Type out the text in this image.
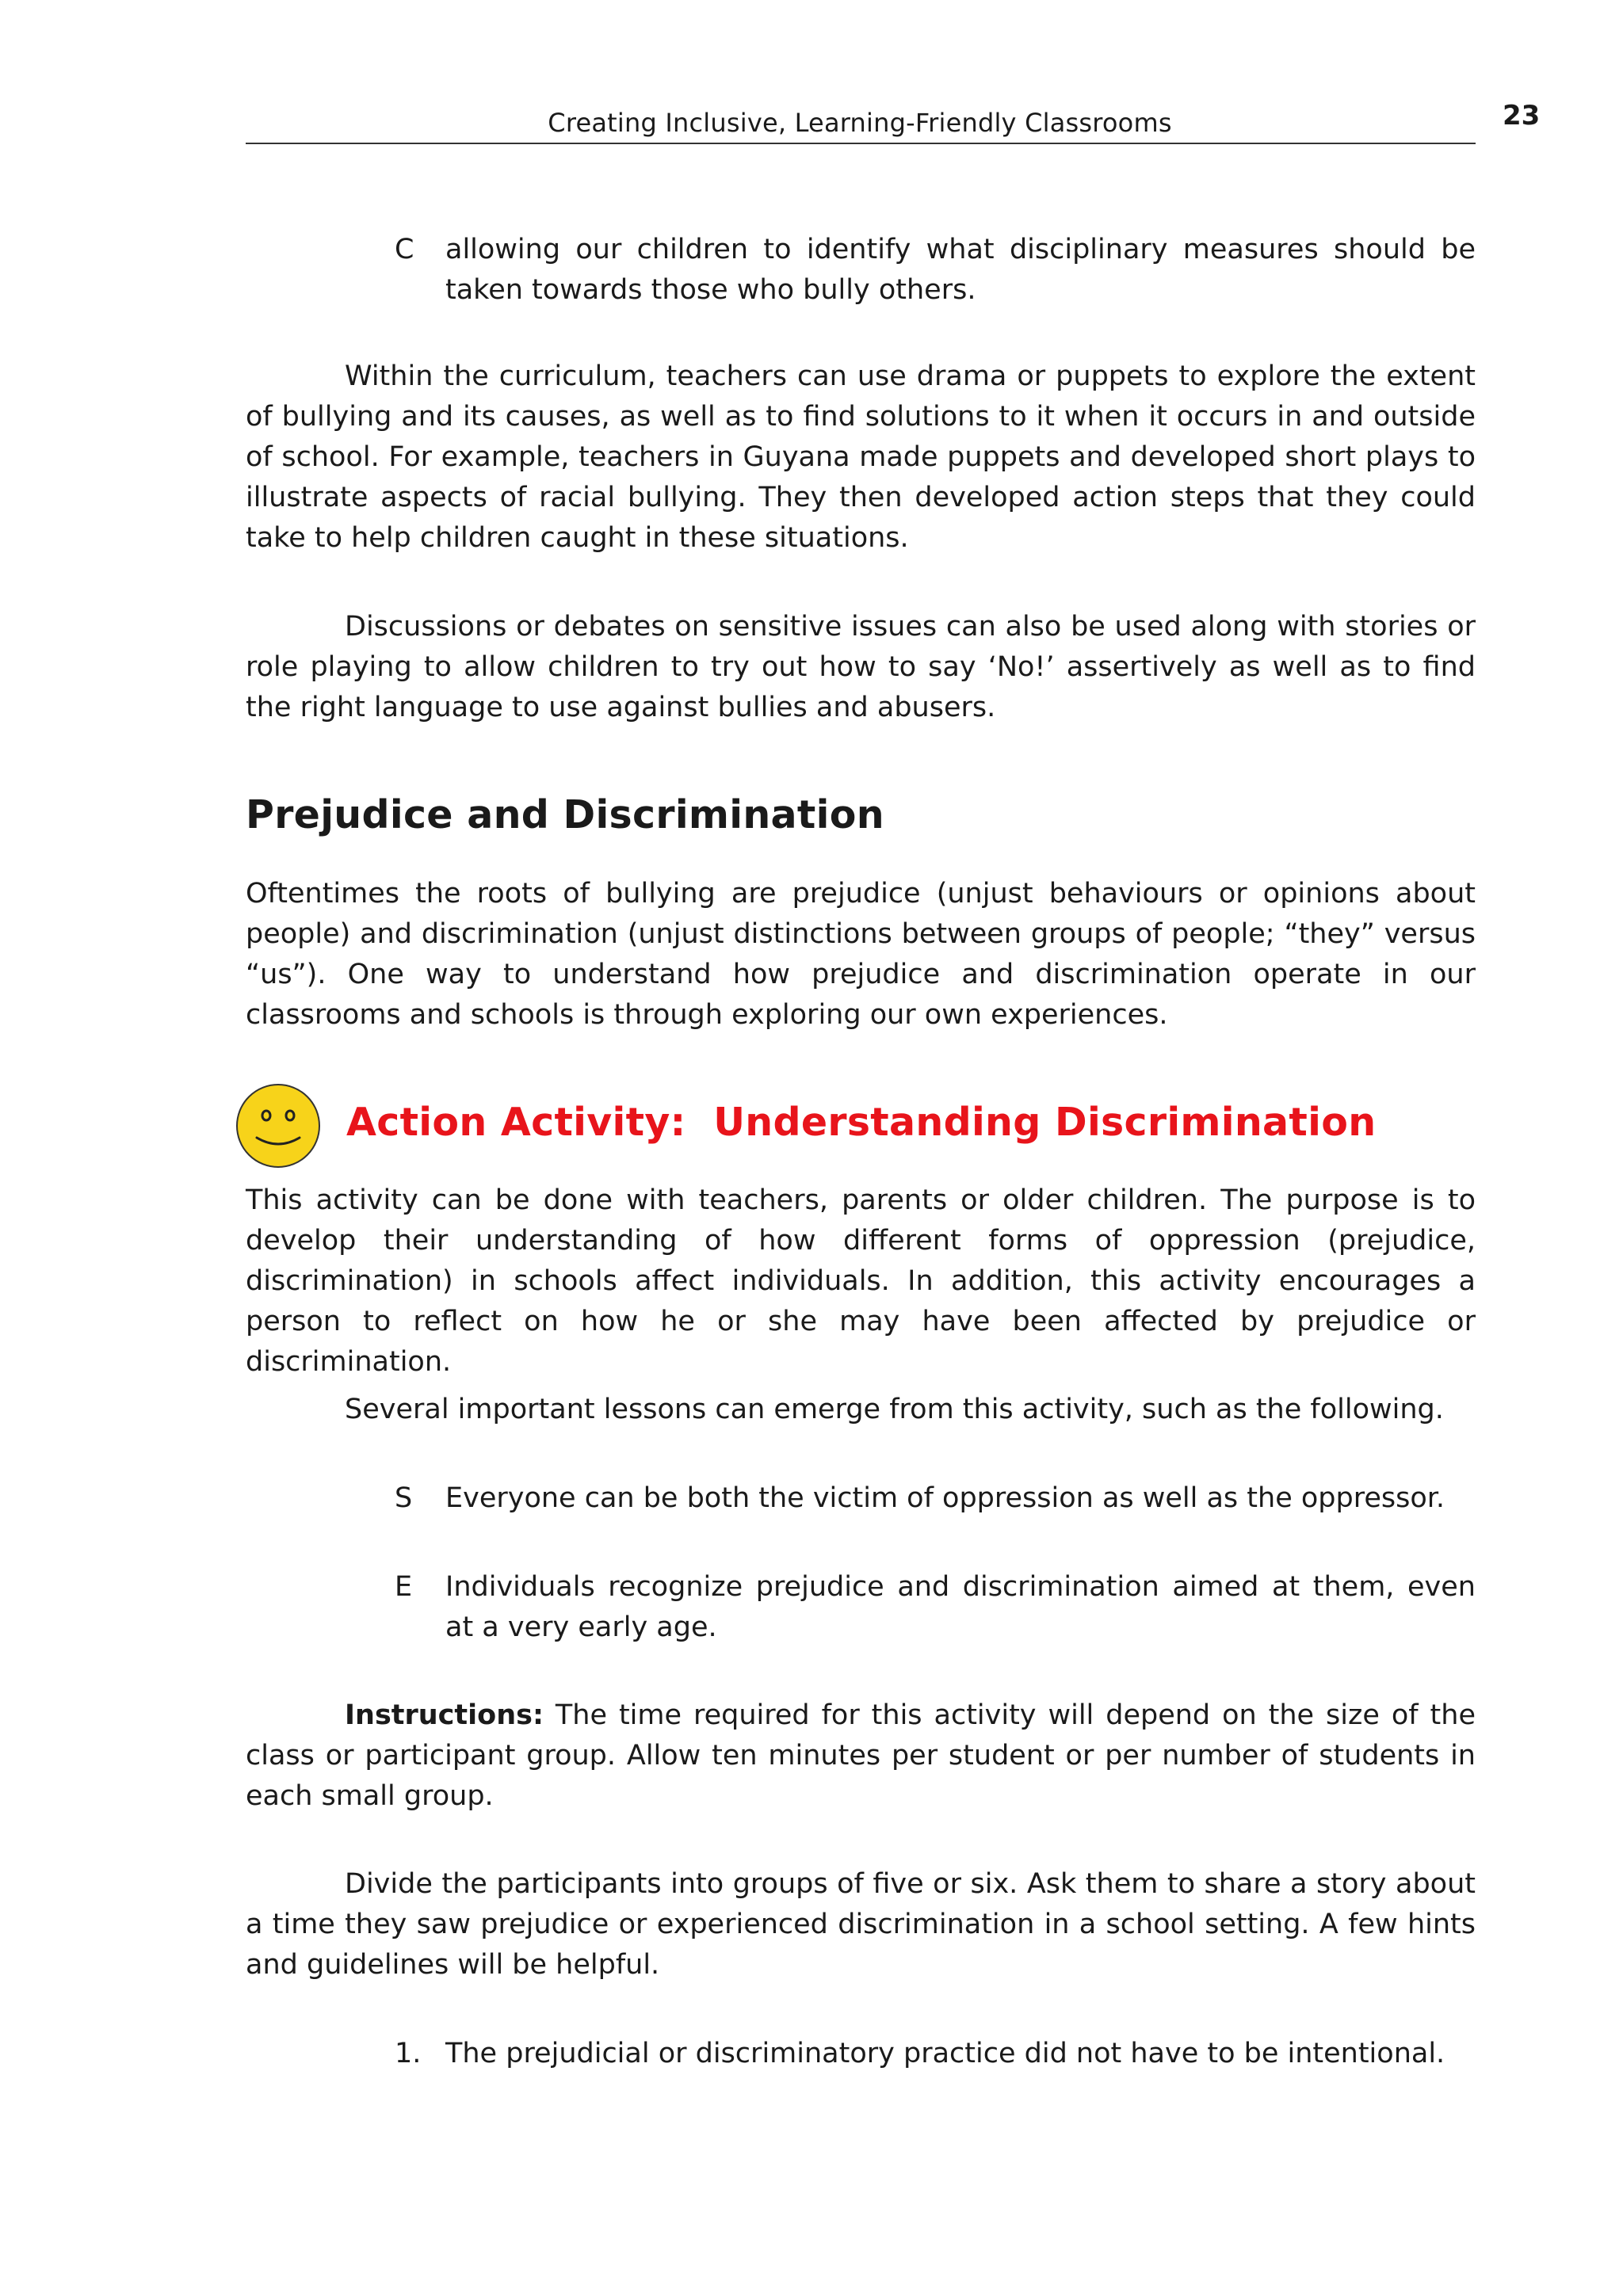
Creating Inclusive, Learning-Friendly Classrooms	23
C allowing our children to identify what disciplinary measures should be taken towards those who bully others.

Within the curriculum, teachers can use drama or puppets to explore the extent of bullying and its causes, as well as to find solutions to it when it occurs in and outside of school. For example, teachers in Guyana made puppets and developed short plays to illustrate aspects of racial bullying. They then developed action steps that they could take to help children caught in these situations.

Discussions or debates on sensitive issues can also be used along with stories or role playing to allow children to try out how to say ‘No!’ assertively as well as to find the right language to use against bullies and abusers.

Prejudice and Discrimination

Oftentimes the roots of bullying are prejudice (unjust behaviours or opinions about people) and discrimination (unjust distinctions between groups of people; “they” versus “us”). One way to understand how prejudice and discrimination operate in our classrooms and schools is through exploring our own experiences.

Action Activity:  Understanding Discrimination

This activity can be done with teachers, parents or older children. The purpose is to develop their understanding of how different forms of oppression (prejudice, discrimination) in schools affect individuals. In addition, this activity encourages a person to reflect on how he or she may have been affected by prejudice or discrimination.

Several important lessons can emerge from this activity, such as the following.

S Everyone can be both the victim of oppression as well as the oppressor.
E Individuals recognize prejudice and discrimination aimed at them, even at a very early age.

Instructions: The time required for this activity will depend on the size of the class or participant group. Allow ten minutes per student or per number of students in each small group.

Divide the participants into groups of five or six. Ask them to share a story about a time they saw prejudice or experienced discrimination in a school setting. A few hints and guidelines will be helpful.

1. The prejudicial or discriminatory practice did not have to be intentional.
